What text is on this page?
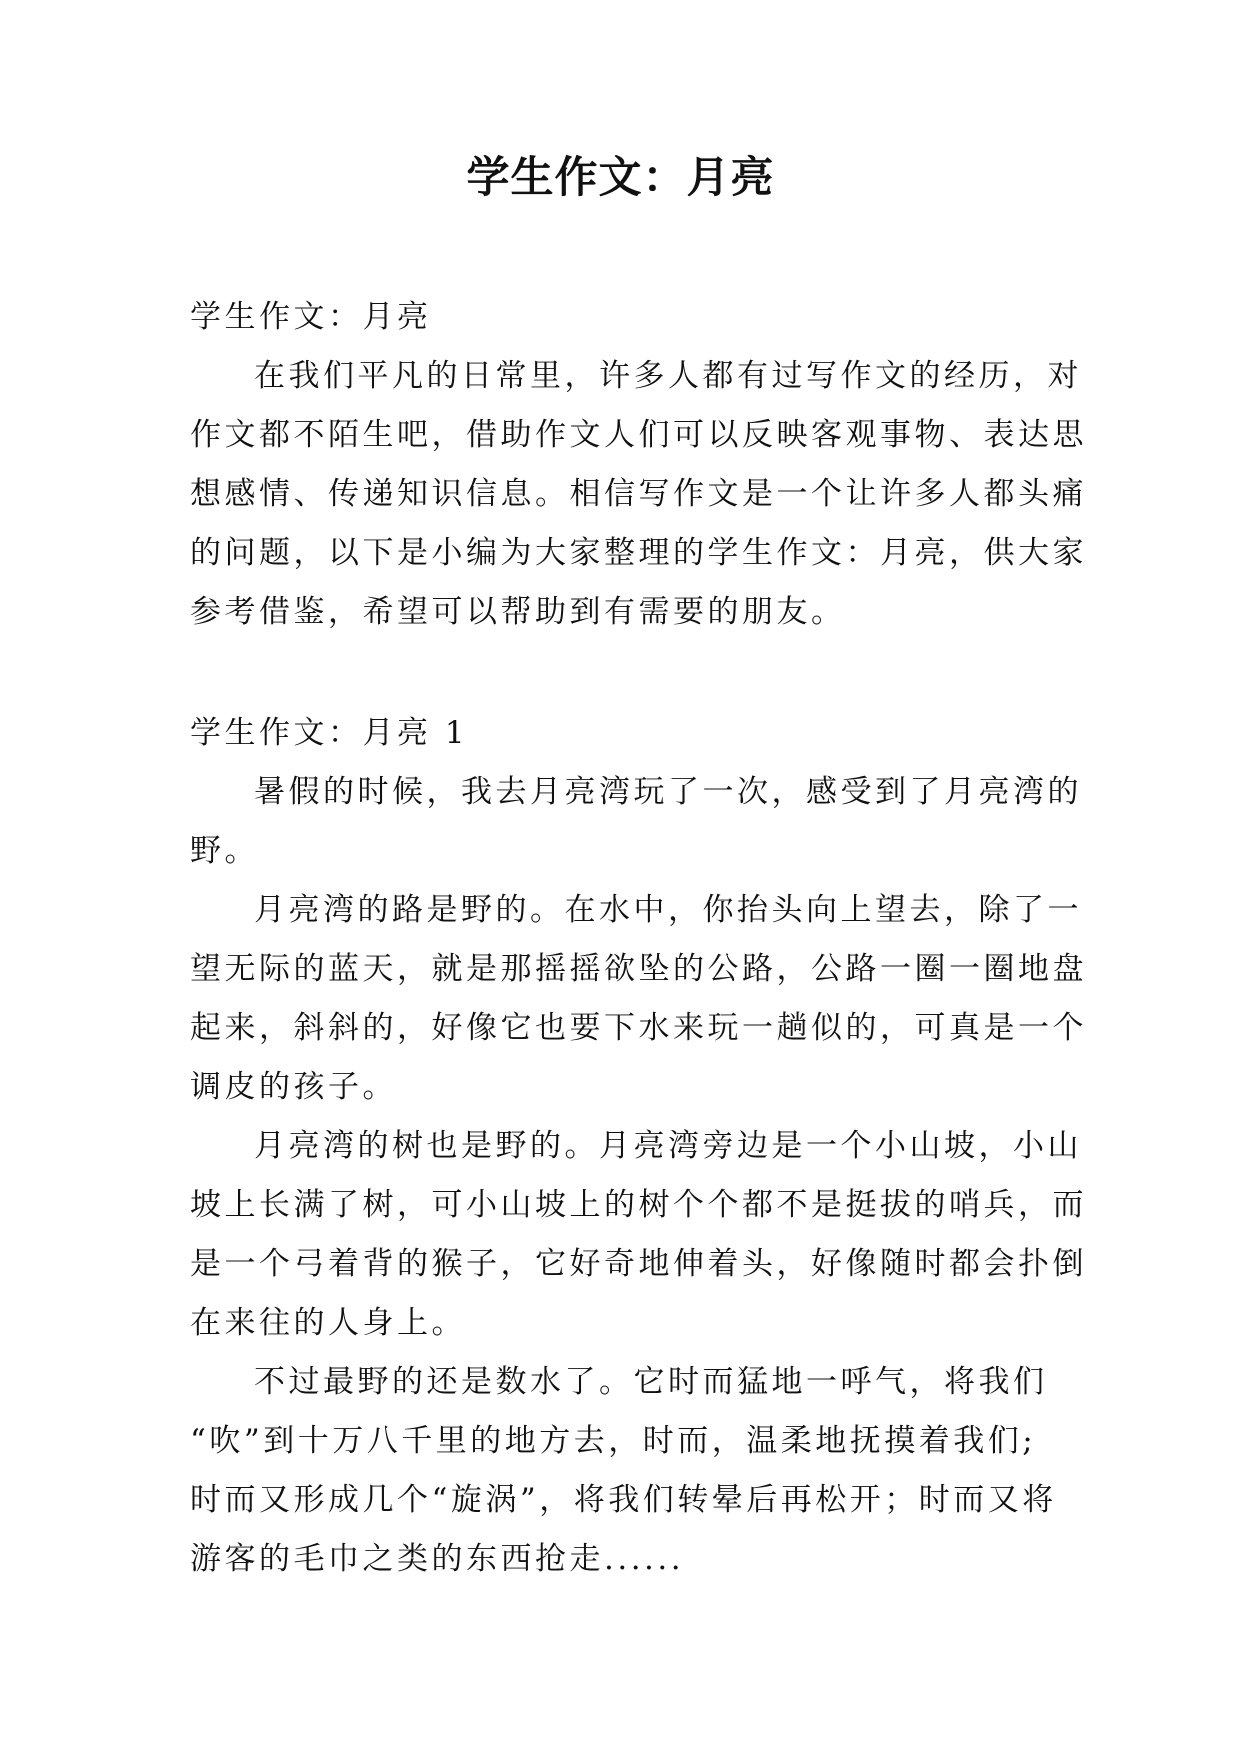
学生作文：月亮
学生作文：月亮
在我们平凡的日常里，许多人都有过写作文的经历，对
作文都不陌生吧，借助作文人们可以反映客观事物、表达思
想感情、传递知识信息。相信写作文是一个让许多人都头痛
的问题，以下是小编为大家整理的学生作文：月亮，供大家
参考借鉴，希望可以帮助到有需要的朋友。
学生作文：月亮 1
暑假的时候，我去月亮湾玩了一次，感受到了月亮湾的
野。
月亮湾的路是野的。在水中，你抬头向上望去，除了一
望无际的蓝天，就是那摇摇欲坠的公路，公路一圈一圈地盘
起来，斜斜的，好像它也要下水来玩一趟似的，可真是一个
调皮的孩子。
月亮湾的树也是野的。月亮湾旁边是一个小山坡，小山
坡上长满了树，可小山坡上的树个个都不是挺拔的哨兵，而
是一个弓着背的猴子，它好奇地伸着头，好像随时都会扑倒
在来往的人身上。
不过最野的还是数水了。它时而猛地一呼气，将我们
“吹”到十万八千里的地方去，时而，温柔地抚摸着我们;
时而又形成几个“旋涡”，将我们转晕后再松开；时而又将
游客的毛巾之类的东西抢走......
